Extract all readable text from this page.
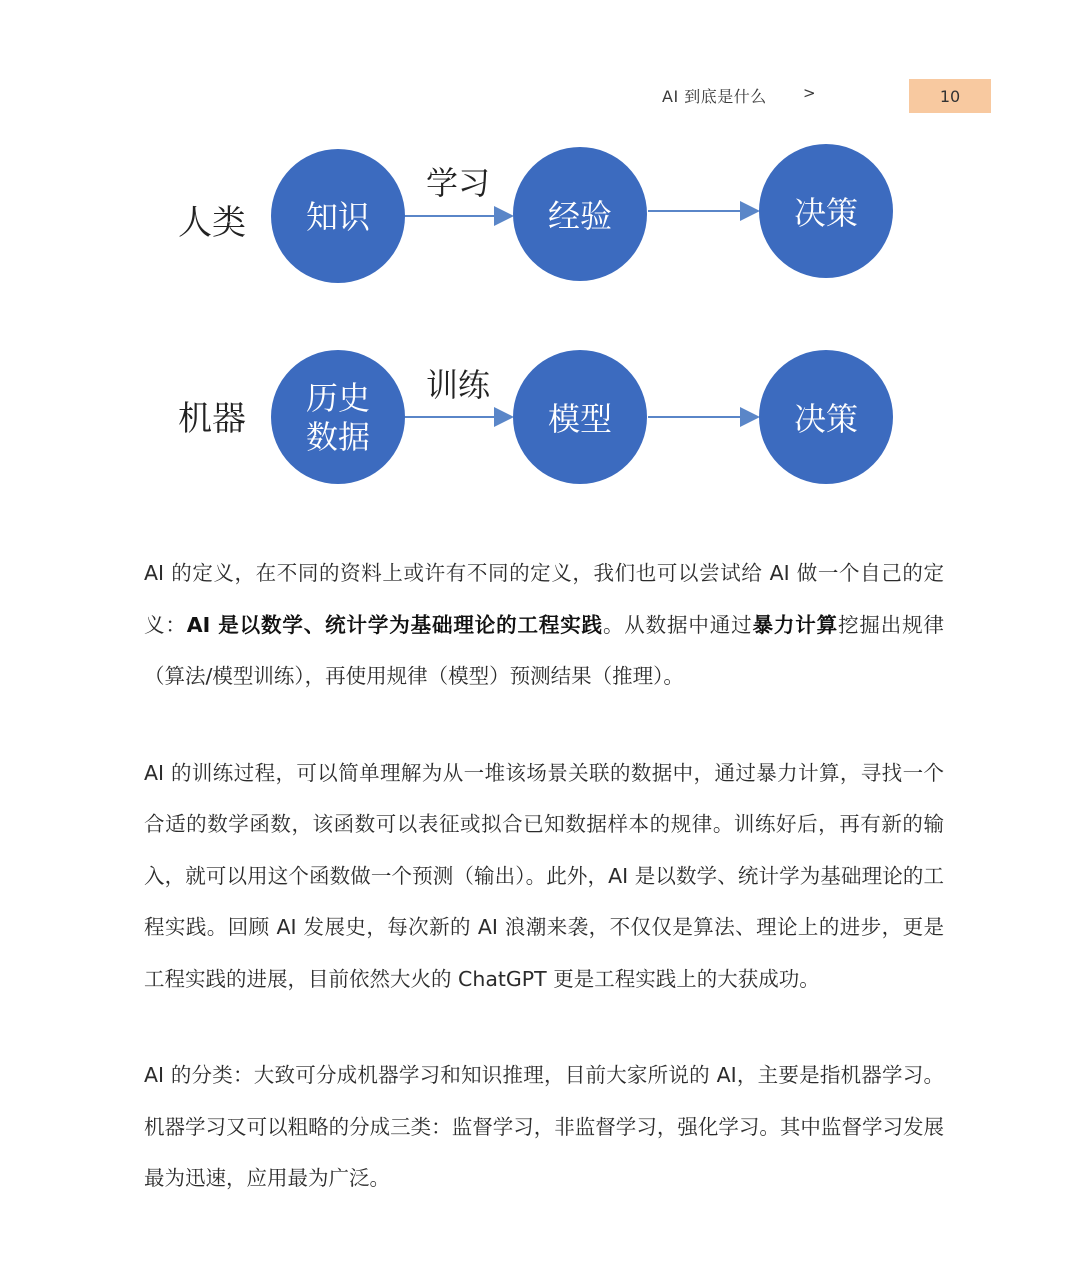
AI 到底是什么 >	10
人类
学习
知识	经验	决策
机器
训练
历史
数据	模型	决策

AI 的定义，在不同的资料上或许有不同的定义，我们也可以尝试给 AI 做一个自己的定义：AI 是以数学、统计学为基础理论的工程实践。从数据中通过暴力计算挖掘出规律（算法/模型训练），再使用规律（模型）预测结果（推理）。

AI 的训练过程，可以简单理解为从一堆该场景关联的数据中，通过暴力计算，寻找一个合适的数学函数，该函数可以表征或拟合已知数据样本的规律。训练好后，再有新的输入，就可以用这个函数做一个预测（输出）。此外，AI 是以数学、统计学为基础理论的工程实践。回顾 AI 发展史，每次新的 AI 浪潮来袭，不仅仅是算法、理论上的进步，更是工程实践的进展，目前依然大火的 ChatGPT 更是工程实践上的大获成功。

AI 的分类：大致可分成机器学习和知识推理，目前大家所说的 AI，主要是指机器学习。机器学习又可以粗略的分成三类：监督学习，非监督学习，强化学习。其中监督学习发展最为迅速，应用最为广泛。
